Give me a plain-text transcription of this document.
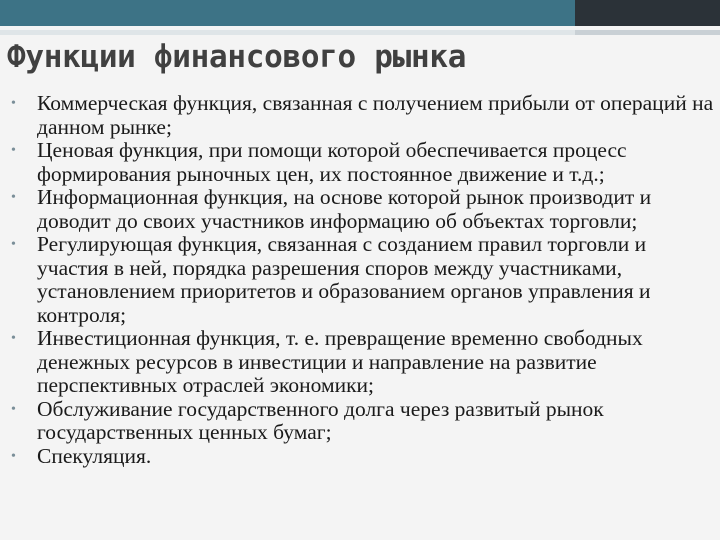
Функции финансового рынка
• Коммерческая функция, связанная с получением прибыли от операций на данном рынке;
• Ценовая функция, при помощи которой обеспечивается процесс формирования рыночных цен, их постоянное движение и т.д.;
• Информационная функция, на основе которой рынок производит и доводит до своих участников информацию об объектах торговли;
• Регулирующая функция, связанная с созданием правил торговли и участия в ней, порядка разрешения споров между участниками, установлением приоритетов и образованием органов управления и контроля;
• Инвестиционная функция, т. е. превращение временно свободных денежных ресурсов в инвестиции и направление на развитие перспективных отраслей экономики;
• Обслуживание государственного долга через развитый рынок государственных ценных бумаг;
• Спекуляция.
